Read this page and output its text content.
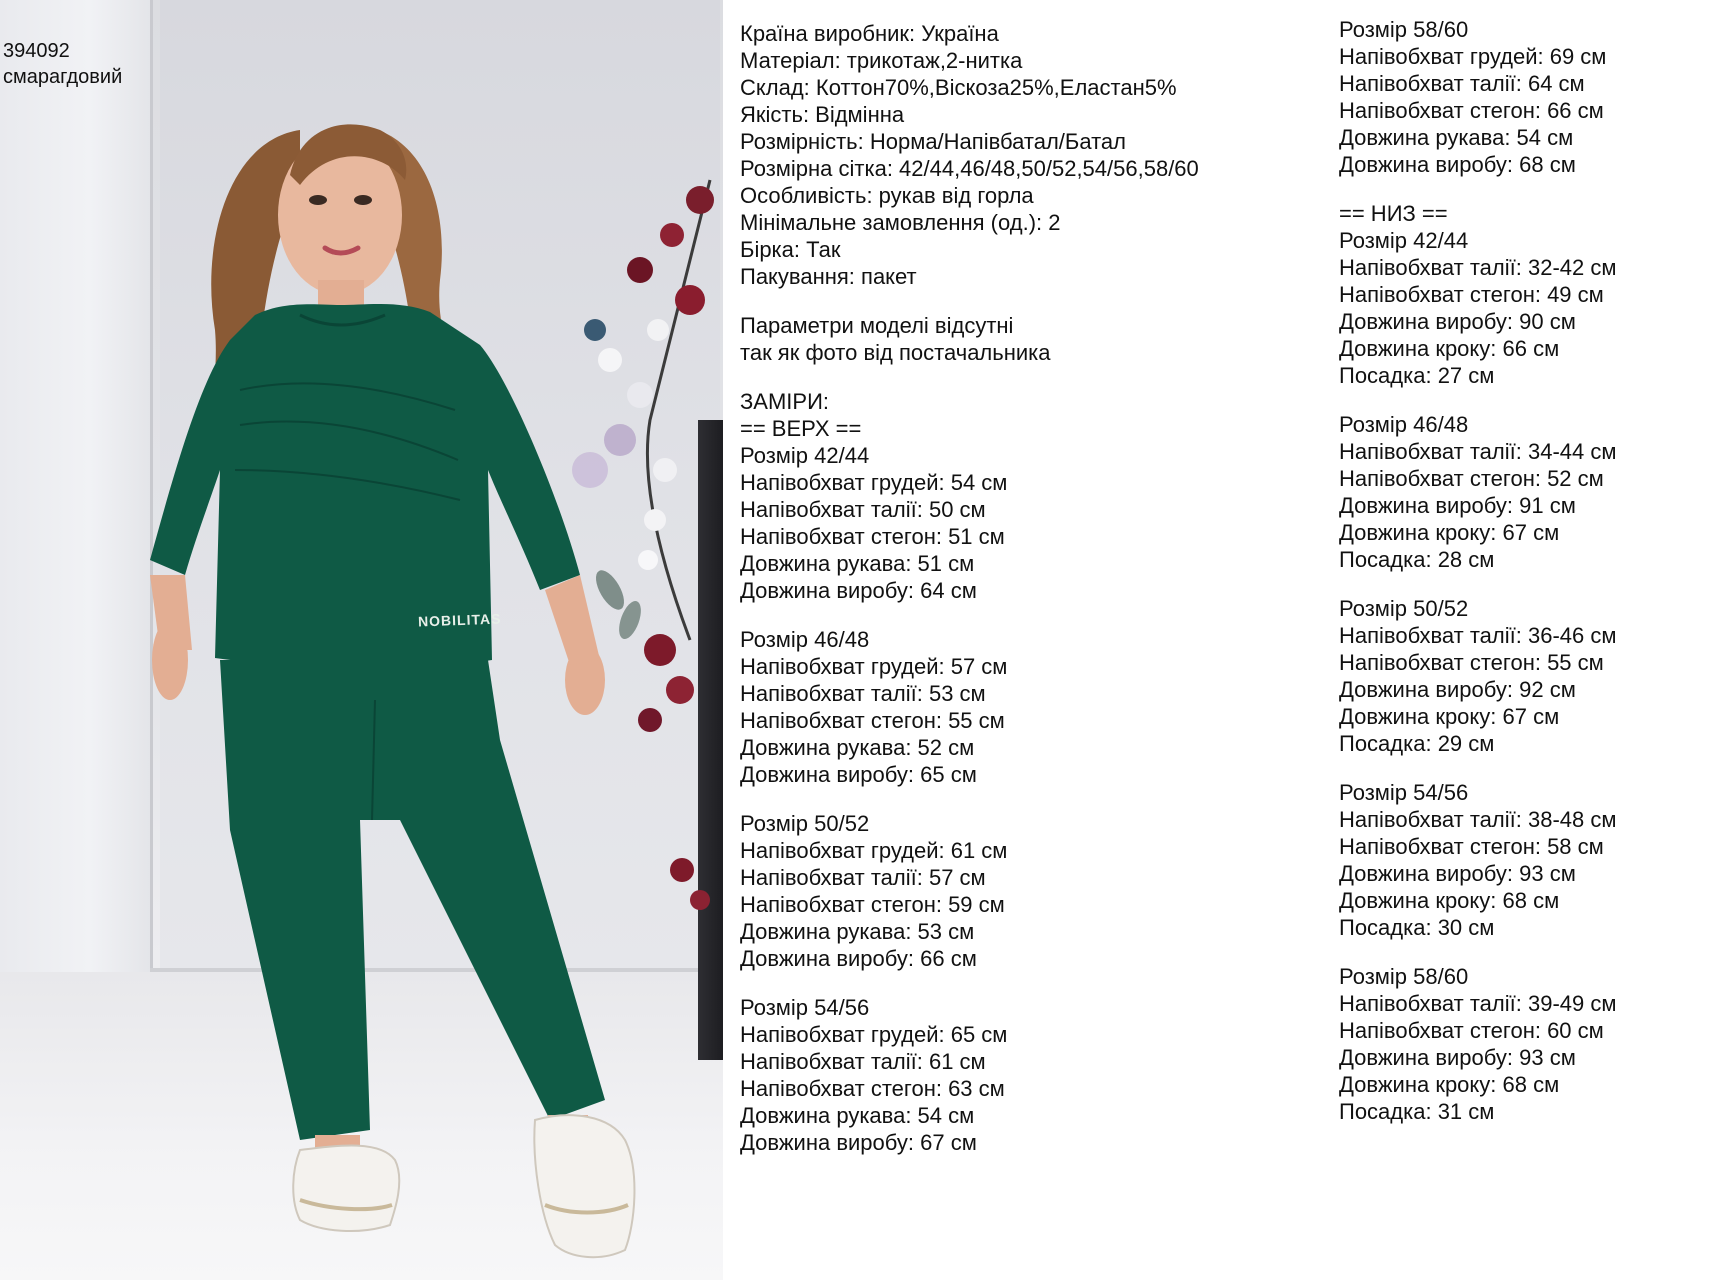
NOBILITAS
394092
смарагдовий
Країна виробник: Україна
Матеріал: трикотаж,2-нитка
Склад: Коттон70%,Віскоза25%,Еластан5%
Якість: Відмінна
Розмірність: Норма/Напівбатал/Батал
Розмірна сітка: 42/44,46/48,50/52,54/56,58/60
Особливість: рукав від горла
Мінімальне замовлення (од.): 2
Бірка: Так
Пакування: пакет
Параметри моделі відсутні
так як фото від постачальника
ЗАМІРИ:
== ВЕРХ ==
Розмір 42/44
Напівобхват грудей: 54 см
Напівобхват талії: 50 см
Напівобхват стегон: 51 см
Довжина рукава: 51 см
Довжина виробу: 64 см
Розмір 46/48
Напівобхват грудей: 57 см
Напівобхват талії: 53 см
Напівобхват стегон: 55 см
Довжина рукава: 52 см
Довжина виробу: 65 см
Розмір 50/52
Напівобхват грудей: 61 см
Напівобхват талії: 57 см
Напівобхват стегон: 59 см
Довжина рукава: 53 см
Довжина виробу: 66 см
Розмір 54/56
Напівобхват грудей: 65 см
Напівобхват талії: 61 см
Напівобхват стегон: 63 см
Довжина рукава: 54 см
Довжина виробу: 67 см
Розмір 58/60
Напівобхват грудей: 69 см
Напівобхват талії: 64 см
Напівобхват стегон: 66 см
Довжина рукава: 54 см
Довжина виробу: 68 см
== НИЗ ==
Розмір 42/44
Напівобхват талії: 32-42 см
Напівобхват стегон: 49 см
Довжина виробу: 90 см
Довжина кроку: 66 см
Посадка: 27 см
Розмір 46/48
Напівобхват талії: 34-44 см
Напівобхват стегон: 52 см
Довжина виробу: 91 см
Довжина кроку: 67 см
Посадка: 28 см
Розмір 50/52
Напівобхват талії: 36-46 см
Напівобхват стегон: 55 см
Довжина виробу: 92 см
Довжина кроку: 67 см
Посадка: 29 см
Розмір 54/56
Напівобхват талії: 38-48 см
Напівобхват стегон: 58 см
Довжина виробу: 93 см
Довжина кроку: 68 см
Посадка: 30 см
Розмір 58/60
Напівобхват талії: 39-49 см
Напівобхват стегон: 60 см
Довжина виробу: 93 см
Довжина кроку: 68 см
Посадка: 31 см
